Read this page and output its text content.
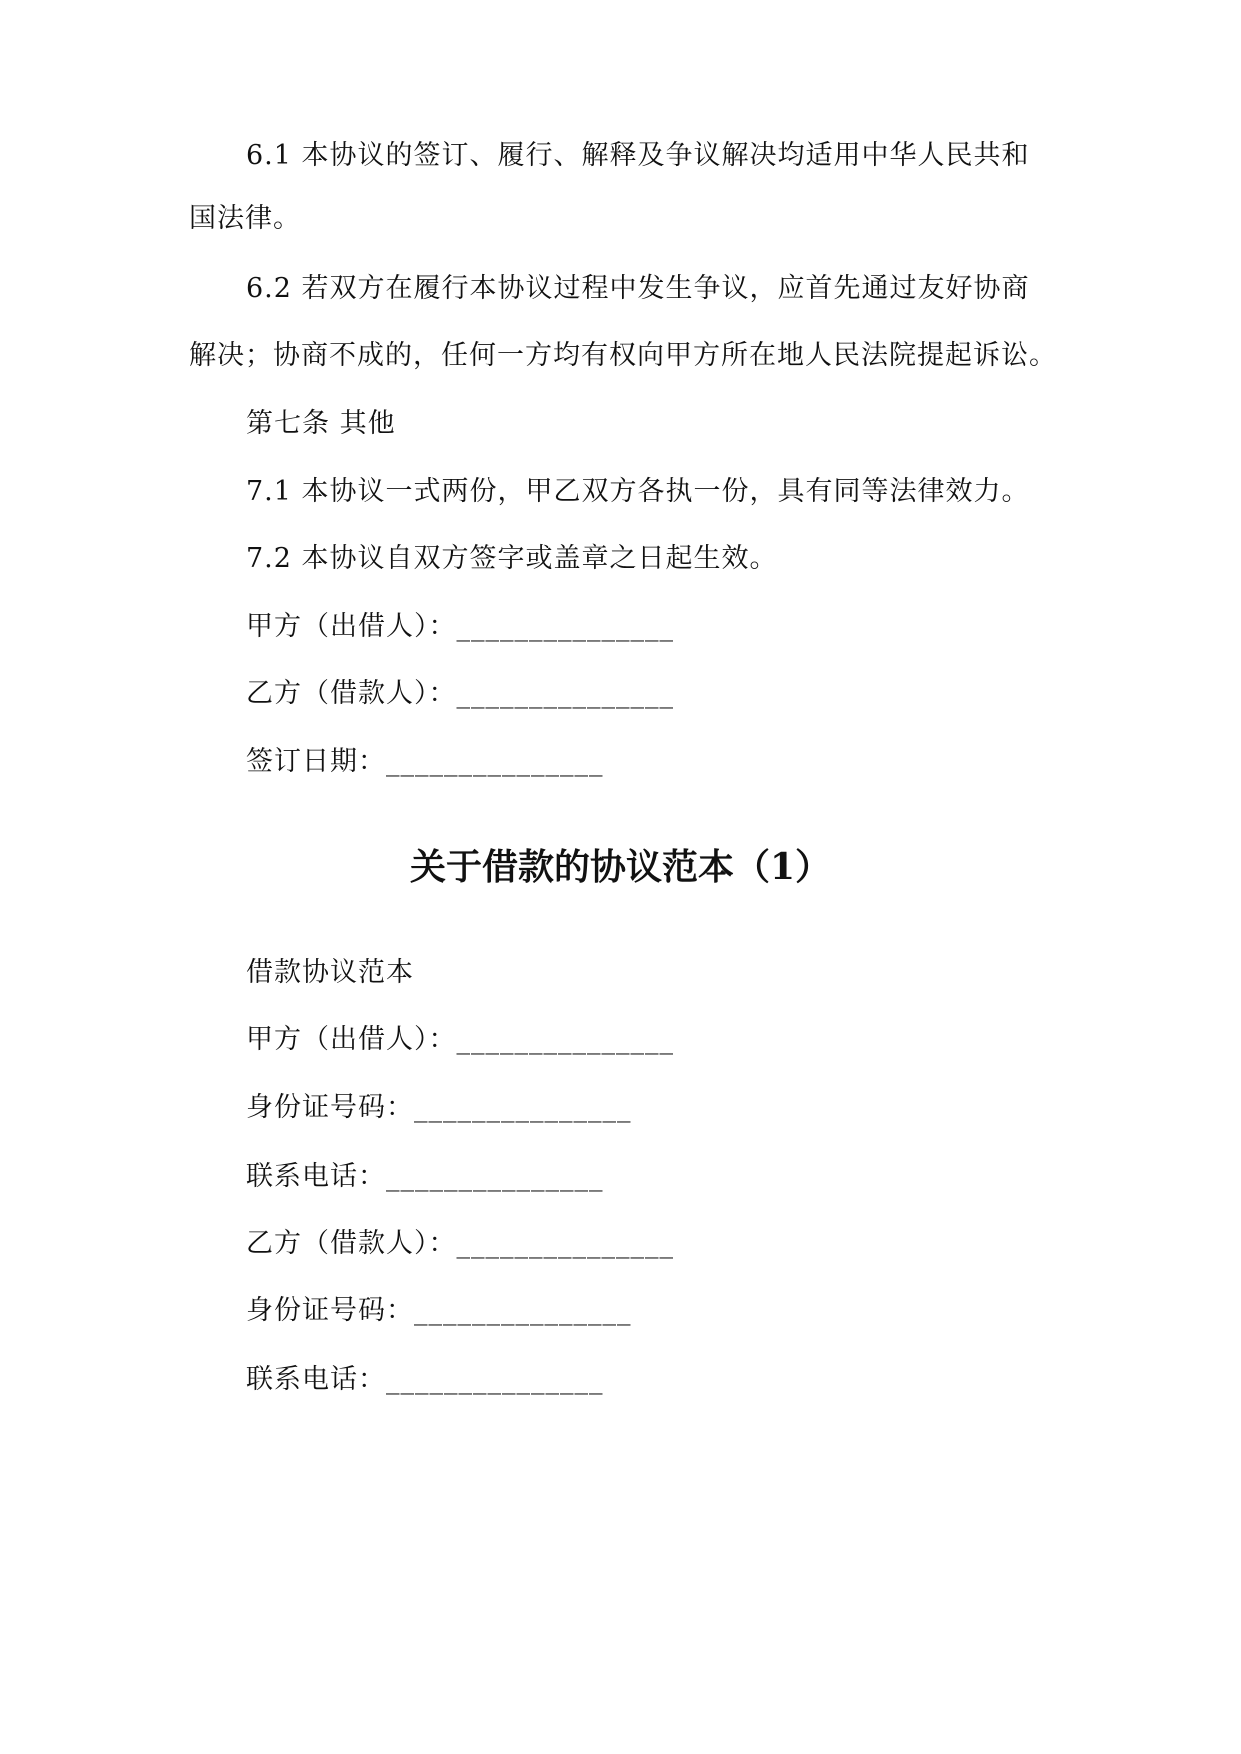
6.1 本协议的签订、履行、解释及争议解决均适用中华人民共和
国法律。
6.2 若双方在履行本协议过程中发生争议，应首先通过友好协商
解决；协商不成的，任何一方均有权向甲方所在地人民法院提起诉讼。
第七条 其他
7.1 本协议一式两份，甲乙双方各执一份，具有同等法律效力。
7.2 本协议自双方签字或盖章之日起生效。
甲方（出借人）：_______________
乙方（借款人）：_______________
签订日期：_______________
关于借款的协议范本（1）
借款协议范本
甲方（出借人）：_______________
身份证号码：_______________
联系电话：_______________
乙方（借款人）：_______________
身份证号码：_______________
联系电话：_______________
